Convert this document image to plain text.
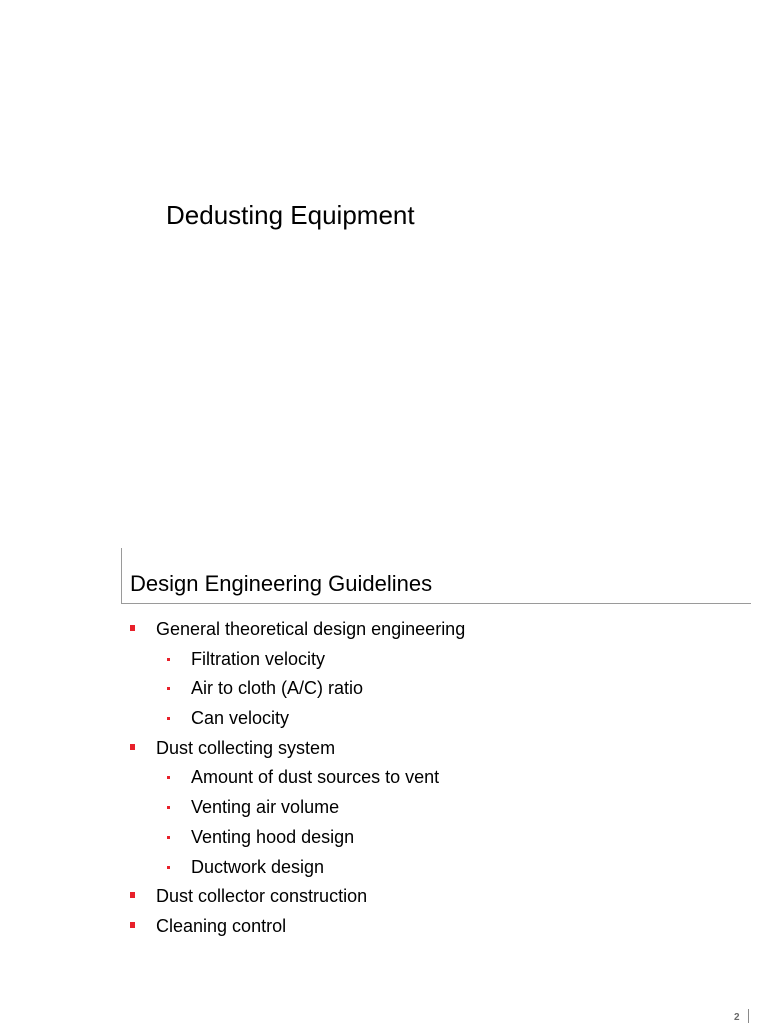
Dedusting Equipment
Design Engineering Guidelines
General theoretical design engineering
Filtration velocity
Air to cloth (A/C) ratio
Can velocity
Dust collecting system
Amount of dust sources to vent
Venting air volume
Venting hood design
Ductwork design
Dust collector construction
Cleaning control
2
